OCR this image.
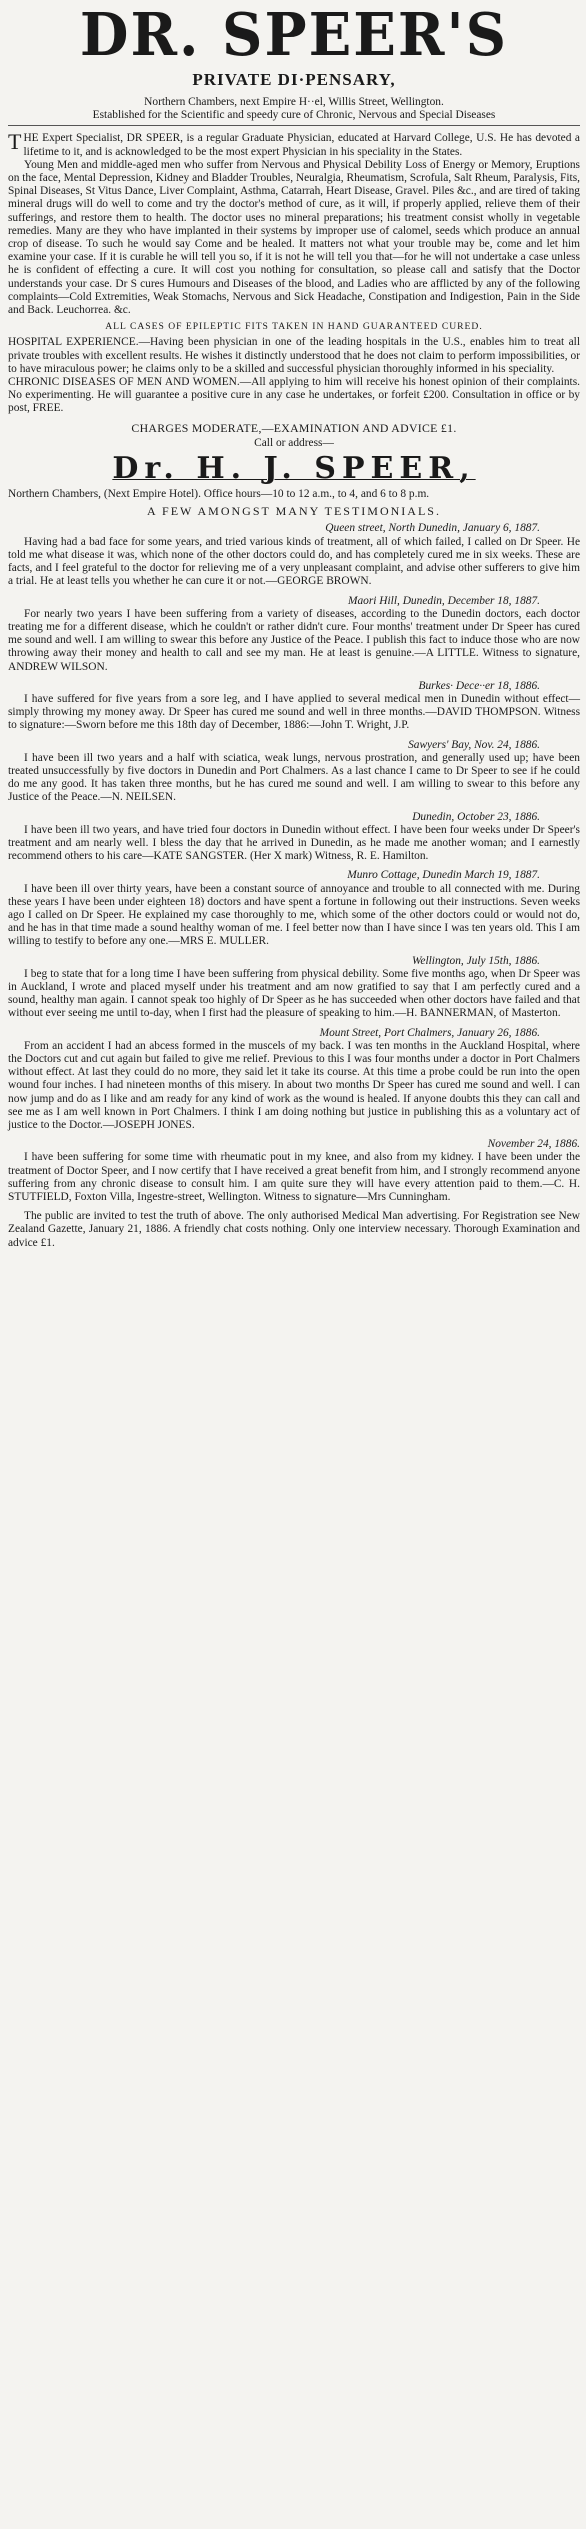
DR. SPEER'S
PRIVATE DI·PENSARY,

Northern Chambers, next Empire H··el, Willis Street, Wellington.

Established for the Scientific and speedy cure of Chronic, Nervous and Special Diseases

THE Expert Specialist, DR SPEER, is a regular Graduate Physician, educated at Harvard College, U.S. He has devoted a lifetime to it, and is acknowledged to be the most expert Physician in his speciality in the States.

Young Men and middle-aged men who suffer from Nervous and Physical Debility Loss of Energy or Memory, Eruptions on the face, Mental Depression, Kidney and Bladder Troubles, Neuralgia, Rheumatism, Scrofula, Salt Rheum, Paralysis, Fits, Spinal Diseases, St Vitus Dance, Liver Complaint, Asthma, Catarrah, Heart Disease, Gravel. Piles &c., and are tired of taking mineral drugs will do well to come and try the doctor's method of cure, as it will, if properly applied, relieve them of their sufferings, and restore them to health. The doctor uses no mineral preparations; his treatment consist wholly in vegetable remedies. Many are they who have implanted in their systems by improper use of calomel, seeds which produce an annual crop of disease. To such he would say Come and be healed. It matters not what your trouble may be, come and let him examine your case. If it is curable he will tell you so, if it is not he will tell you that—for he will not undertake a case unless he is confident of effecting a cure. It will cost you nothing for consultation, so please call and satisfy that the Doctor understands your case. Dr S cures Humours and Diseases of the blood, and Ladies who are afflicted by any of the following complaints—Cold Extremities, Weak Stomachs, Nervous and Sick Headache, Constipation and Indigestion, Pain in the Side and Back. Leuchorrea. &c.

ALL CASES OF EPILEPTIC FITS TAKEN IN HAND GUARANTEED CURED.

HOSPITAL EXPERIENCE.—Having been physician in one of the leading hospitals in the U.S., enables him to treat all private troubles with excellent results. He wishes it distinctly understood that he does not claim to perform impossibilities, or to have miraculous power; he claims only to be a skilled and successful physician thoroughly informed in his speciality.

CHRONIC DISEASES OF MEN AND WOMEN.—All applying to him will receive his honest opinion of their complaints. No experimenting. He will guarantee a positive cure in any case he undertakes, or forfeit £200. Consultation in office or by post, FREE.

CHARGES MODERATE,—EXAMINATION AND ADVICE £1.

Call or address—

Dr. H. J. SPEER,

Northern Chambers, (Next Empire Hotel). Office hours—10 to 12 a.m., to 4, and 6 to 8 p.m.

A FEW AMONGST MANY TESTIMONIALS.

Queen street, North Dunedin, January 6, 1887.

Having had a bad face for some years, and tried various kinds of treatment, all of which failed, I called on Dr Speer. He told me what disease it was, which none of the other doctors could do, and has completely cured me in six weeks. These are facts, and I feel grateful to the doctor for relieving me of a very unpleasant complaint, and advise other sufferers to give him a trial. He at least tells you whether he can cure it or not.—GEORGE BROWN.

Maori Hill, Dunedin, December 18, 1887.

For nearly two years I have been suffering from a variety of diseases, according to the Dunedin doctors, each doctor treating me for a different disease, which he couldn't or rather didn't cure. Four months' treatment under Dr Speer has cured me sound and well. I am willing to swear this before any Justice of the Peace. I publish this fact to induce those who are now throwing away their money and health to call and see my man. He at least is genuine.—A LITTLE. Witness to signature, ANDREW WILSON.

Burkes· Dece··er 18, 1886.

I have suffered for five years from a sore leg, and I have applied to several medical men in Dunedin without effect—simply throwing my money away. Dr Speer has cured me sound and well in three months.—DAVID THOMPSON. Witness to signature:—Sworn before me this 18th day of December, 1886:—John T. Wright, J.P.

Sawyers' Bay, Nov. 24, 1886.

I have been ill two years and a half with sciatica, weak lungs, nervous prostration, and generally used up; have been treated unsuccessfully by five doctors in Dunedin and Port Chalmers. As a last chance I came to Dr Speer to see if he could do me any good. It has taken three months, but he has cured me sound and well. I am willing to swear to this before any Justice of the Peace.—N. NEILSEN.

Dunedin, October 23, 1886.

I have been ill two years, and have tried four doctors in Dunedin without effect. I have been four weeks under Dr Speer's treatment and am nearly well. I bless the day that he arrived in Dunedin, as he made me another woman; and I earnestly recommend others to his care—KATE SANGSTER. (Her X mark) Witness, R. E. Hamilton.

Munro Cottage, Dunedin March 19, 1887.

I have been ill over thirty years, have been a constant source of annoyance and trouble to all connected with me. During these years I have been under eighteen 18) doctors and have spent a fortune in following out their instructions. Seven weeks ago I called on Dr Speer. He explained my case thoroughly to me, which some of the other doctors could or would not do, and he has in that time made a sound healthy woman of me. I feel better now than I have since I was ten years old. This I am willing to testify to before any one.—MRS E. MULLER.

Wellington, July 15th, 1886.

I beg to state that for a long time I have been suffering from physical debility. Some five months ago, when Dr Speer was in Auckland, I wrote and placed myself under his treatment and am now gratified to say that I am perfectly cured and a sound, healthy man again. I cannot speak too highly of Dr Speer as he has succeeded when other doctors have failed and that without ever seeing me until to-day, when I first had the pleasure of speaking to him.—H. BANNERMAN, of Masterton.

Mount Street, Port Chalmers, January 26, 1886.

From an accident I had an abcess formed in the muscels of my back. I was ten months in the Auckland Hospital, where the Doctors cut and cut again but failed to give me relief. Previous to this I was four months under a doctor in Port Chalmers without effect. At last they could do no more, they said let it take its course. At this time a probe could be run into the open wound four inches. I had nineteen months of this misery. In about two months Dr Speer has cured me sound and well. I can now jump and do as I like and am ready for any kind of work as the wound is healed. If anyone doubts this they can call and see me as I am well known in Port Chalmers. I think I am doing nothing but justice in publishing this as a voluntary act of justice to the Doctor.—JOSEPH JONES.

November 24, 1886.

I have been suffering for some time with rheumatic pout in my knee, and also from my kidney. I have been under the treatment of Doctor Speer, and I now certify that I have received a great benefit from him, and I strongly recommend anyone suffering from any chronic disease to consult him. I am quite sure they will have every attention paid to them.—C. H. STUTFIELD, Foxton Villa, Ingestre-street, Wellington. Witness to signature—Mrs Cunningham.

The public are invited to test the truth of above. The only authorised Medical Man advertising. For Registration see New Zealand Gazette, January 21, 1886. A friendly chat costs nothing. Only one interview necessary. Thorough Examination and advice £1.
